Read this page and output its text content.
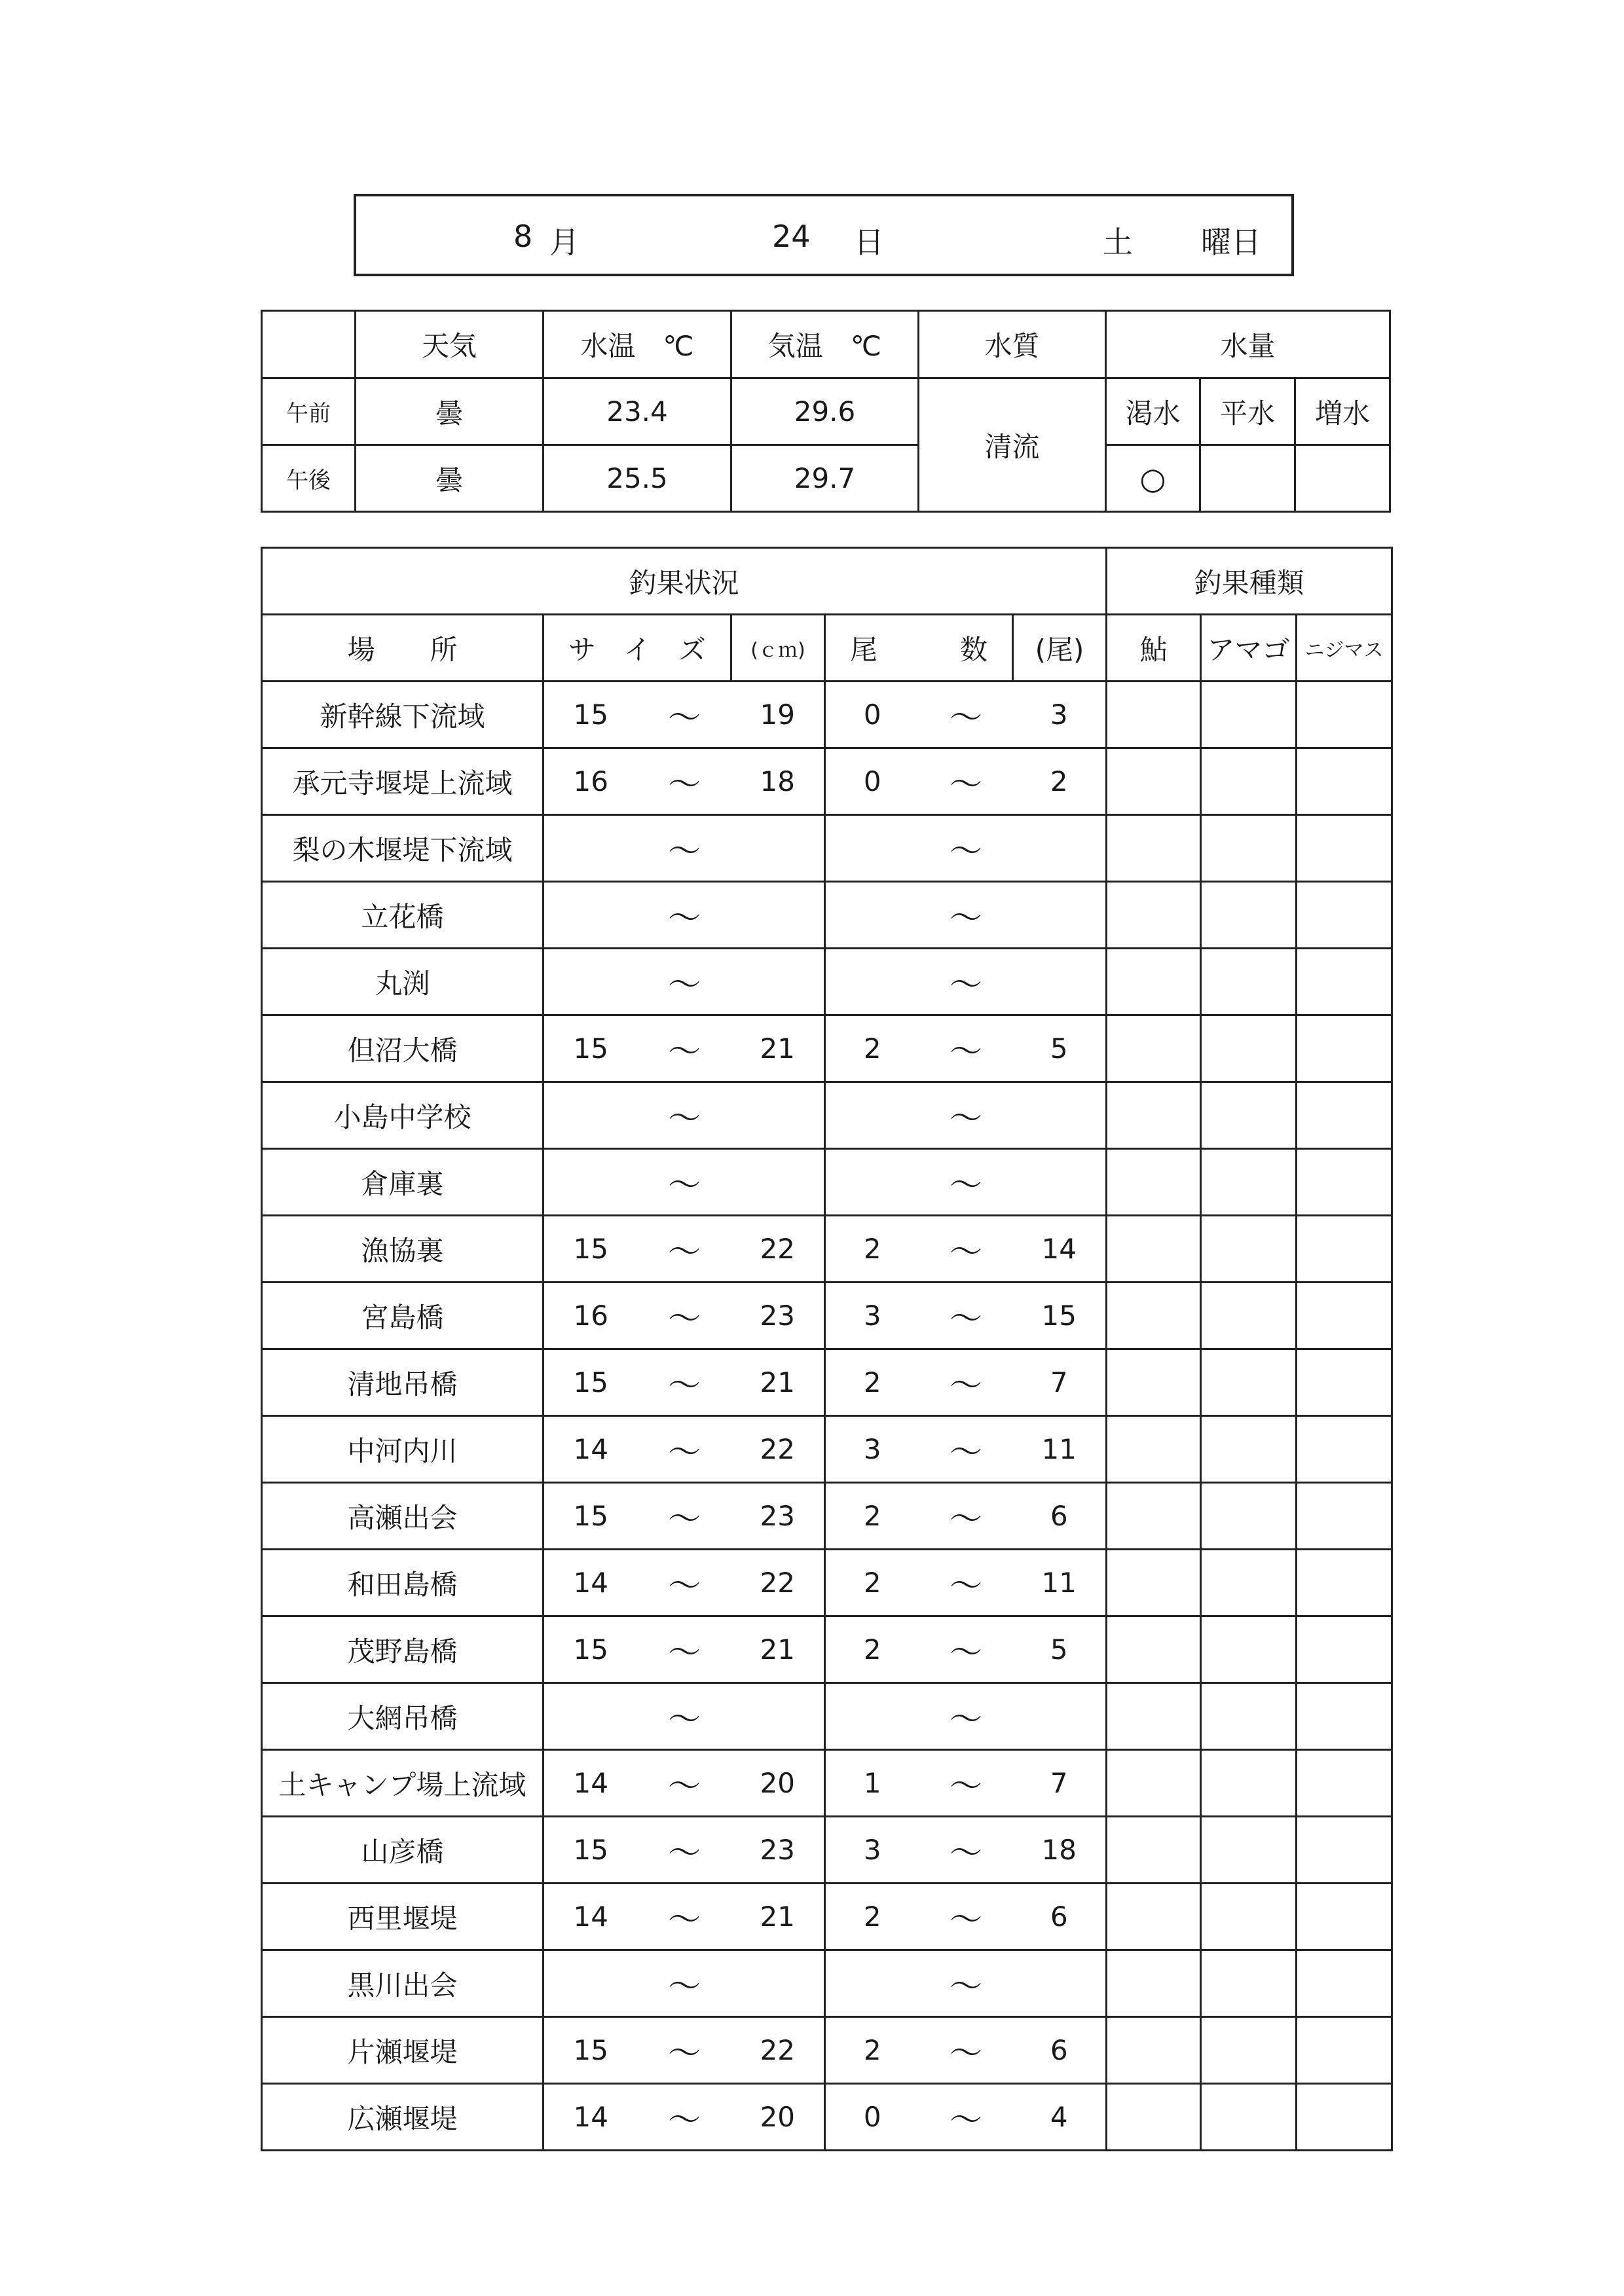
8 月	24 日	土 曜日
	天気	水温　℃	気温　℃	水質	水量		
午前	曇	23.4	29.6	清流	渇水	平水	増水
午後	曇	25.5	29.7		○		
釣果状況							釣果種類		
場　　所	サ　イ　ズ		(ｃｍ)	尾　　　数		(尾)	鮎	アマゴ	ニジマス
新幹線下流域	15	～	19	0	～	3			
承元寺堰堤上流域	16	～	18	0	～	2			
梨の木堰堤下流域		～			～				
立花橋		～			～				
丸渕		～			～				
但沼大橋	15	～	21	2	～	5			
小島中学校		～			～				
倉庫裏		～			～				
漁協裏	15	～	22	2	～	14			
宮島橋	16	～	23	3	～	15			
清地吊橋	15	～	21	2	～	7			
中河内川	14	～	22	3	～	11			
高瀬出会	15	～	23	2	～	6			
和田島橋	14	～	22	2	～	11			
茂野島橋	15	～	21	2	～	5			
大網吊橋		～			～				
土キャンプ場上流域	14	～	20	1	～	7			
山彦橋	15	～	23	3	～	18			
西里堰堤	14	～	21	2	～	6			
黒川出会		～			～				
片瀬堰堤	15	～	22	2	～	6			
広瀬堰堤	14	～	20	0	～	4			
